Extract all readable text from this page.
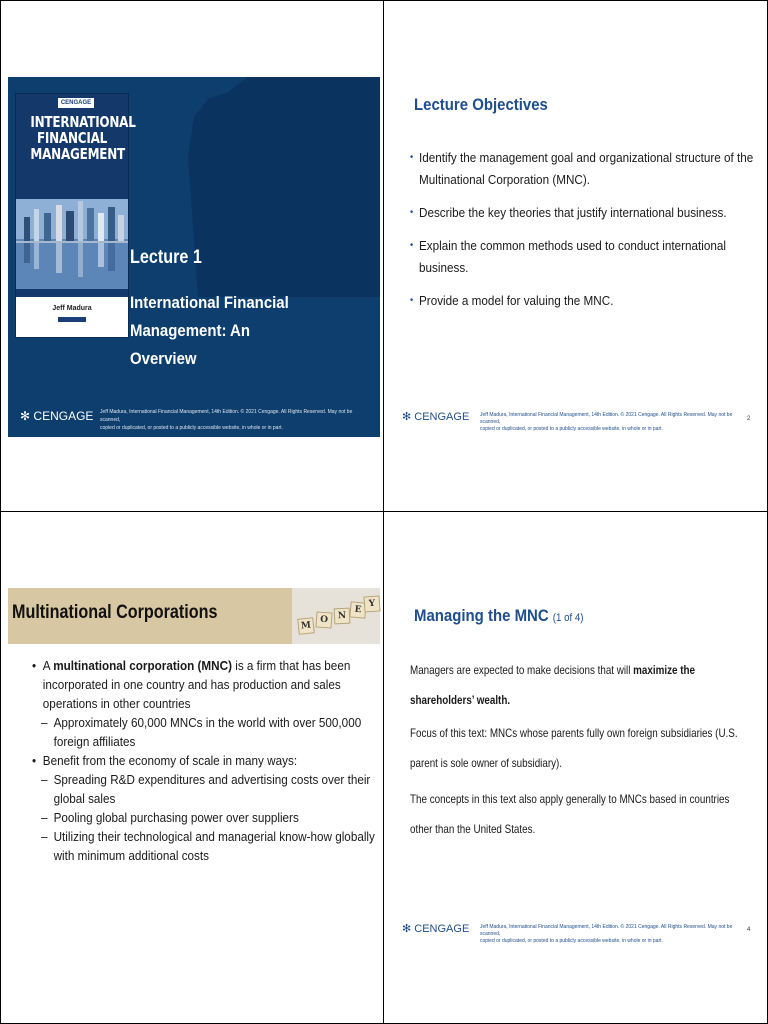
CENGAGE
INTERNATIONAL
FINANCIAL
MANAGEMENT
Jeff Madura
Lecture 1
International Financial
Management: An Overview
✻ CENGAGE Jeff Madura, International Financial Management, 14th Edition. © 2021 Cengage. All Rights Reserved. May not be scanned,
copied or duplicated, or posted to a publicly accessible website, in whole or in part.
Lecture Objectives
• Identify the management goal and organizational structure of the Multinational Corporation (MNC).
• Describe the key theories that justify international business.
• Explain the common methods used to conduct international business.
• Provide a model for valuing the MNC.
✻ CENGAGE Jeff Madura, International Financial Management, 14th Edition. © 2021 Cengage. All Rights Reserved. May not be scanned,
copied or duplicated, or posted to a publicly accessible website, in whole or in part.
2
Multinational Corporations
M
O	N
E
Y
• A multinational corporation (MNC) is a firm that has been incorporated in one country and has production and sales operations in other countries
– Approximately 60,000 MNCs in the world with over 500,000 foreign affiliates
• Benefit from the economy of scale in many ways:
– Spreading R&D expenditures and advertising costs over their global sales
– Pooling global purchasing power over suppliers
– Utilizing their technological and managerial know-how globally with minimum additional costs
Managing the MNC (1 of 4)
Managers are expected to make decisions that will maximize the shareholders’ wealth.
Focus of this text: MNCs whose parents fully own foreign subsidiaries (U.S. parent is sole owner of subsidiary).
The concepts in this text also apply generally to MNCs based in countries other than the United States.
✻ CENGAGE Jeff Madura, International Financial Management, 14th Edition. © 2021 Cengage. All Rights Reserved. May not be scanned,
copied or duplicated, or posted to a publicly accessible website, in whole or in part.
4
